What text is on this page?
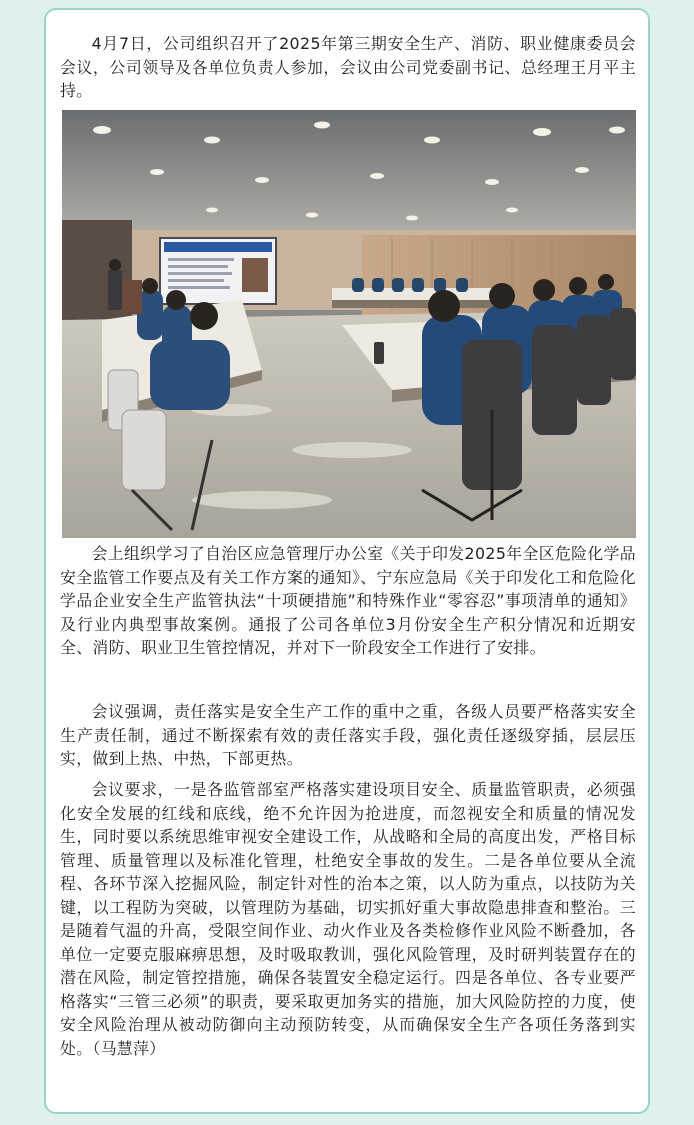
4月7日，公司组织召开了2025年第三期安全生产、消防、职业健康委员会会议，公司领导及各单位负责人参加，会议由公司党委副书记、总经理王月平主持。

会上组织学习了自治区应急管理厅办公室《关于印发2025年全区危险化学品安全监管工作要点及有关工作方案的通知》、宁东应急局《关于印发化工和危险化学品企业安全生产监管执法“十项硬措施”和特殊作业“零容忍”事项清单的通知》及行业内典型事故案例。通报了公司各单位3月份安全生产积分情况和近期安全、消防、职业卫生管控情况，并对下一阶段安全工作进行了安排。

会议强调，责任落实是安全生产工作的重中之重，各级人员要严格落实安全生产责任制，通过不断探索有效的责任落实手段，强化责任逐级穿插，层层压实，做到上热、中热，下部更热。

会议要求，一是各监管部室严格落实建设项目安全、质量监管职责，必须强化安全发展的红线和底线，绝不允许因为抢进度，而忽视安全和质量的情况发生，同时要以系统思维审视安全建设工作，从战略和全局的高度出发，严格目标管理、质量管理以及标准化管理，杜绝安全事故的发生。二是各单位要从全流程、各环节深入挖掘风险，制定针对性的治本之策，以人防为重点，以技防为关键，以工程防为突破，以管理防为基础，切实抓好重大事故隐患排查和整治。三是随着气温的升高，受限空间作业、动火作业及各类检修作业风险不断叠加，各单位一定要克服麻痹思想，及时吸取教训，强化风险管理，及时研判装置存在的潜在风险，制定管控措施，确保各装置安全稳定运行。四是各单位、各专业要严格落实“三管三必须”的职责，要采取更加务实的措施，加大风险防控的力度，使安全风险治理从被动防御向主动预防转变，从而确保安全生产各项任务落到实处。（马慧萍）
